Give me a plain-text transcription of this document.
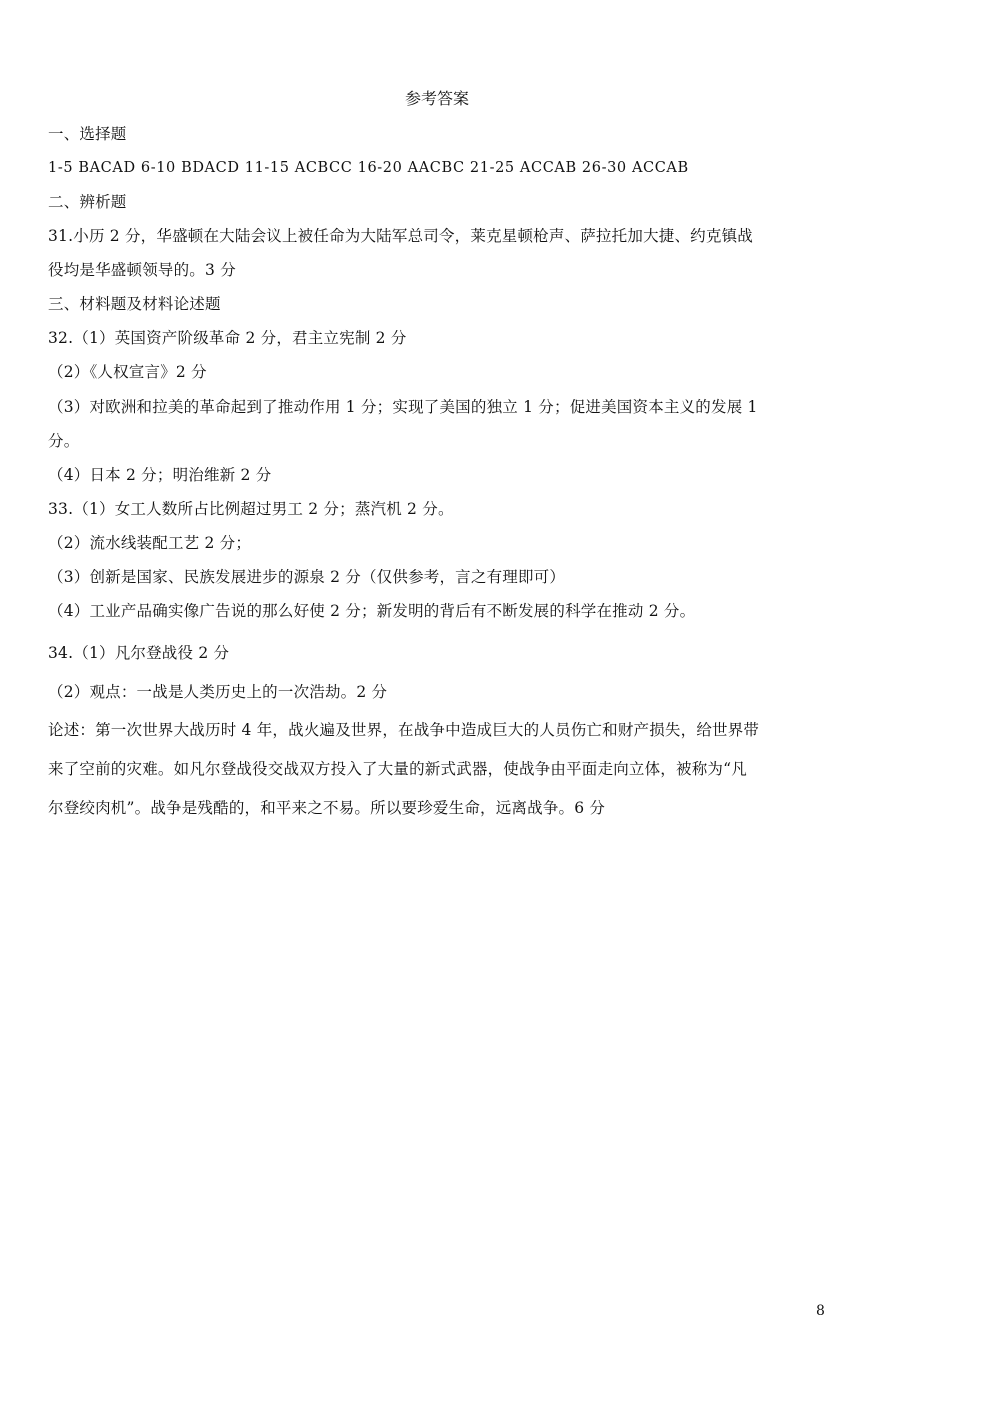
参考答案
一、选择题
1-5 BACAD 6-10 BDACD 11-15 ACBCC 16-20 AACBC 21-25 ACCAB 26-30 ACCAB
二、辨析题
31.小历 2 分，华盛顿在大陆会议上被任命为大陆军总司令，莱克星顿枪声、萨拉托加大捷、约克镇战
役均是华盛顿领导的。3 分
三、材料题及材料论述题
32.（1）英国资产阶级革命 2 分，君主立宪制 2 分
（2）《人权宣言》2 分
（3）对欧洲和拉美的革命起到了推动作用 1 分；实现了美国的独立 1 分；促进美国资本主义的发展 1
分。
（4）日本 2 分；明治维新 2 分
33.（1）女工人数所占比例超过男工 2 分；蒸汽机 2 分。
（2）流水线装配工艺 2 分；
（3）创新是国家、民族发展进步的源泉 2 分（仅供参考，言之有理即可）
（4）工业产品确实像广告说的那么好使 2 分；新发明的背后有不断发展的科学在推动 2 分。
34.（1）凡尔登战役 2 分
（2）观点：一战是人类历史上的一次浩劫。2 分
论述：第一次世界大战历时 4 年，战火遍及世界，在战争中造成巨大的人员伤亡和财产损失，给世界带
来了空前的灾难。如凡尔登战役交战双方投入了大量的新式武器，使战争由平面走向立体，被称为“凡
尔登绞肉机”。战争是残酷的，和平来之不易。所以要珍爱生命，远离战争。6 分
8
